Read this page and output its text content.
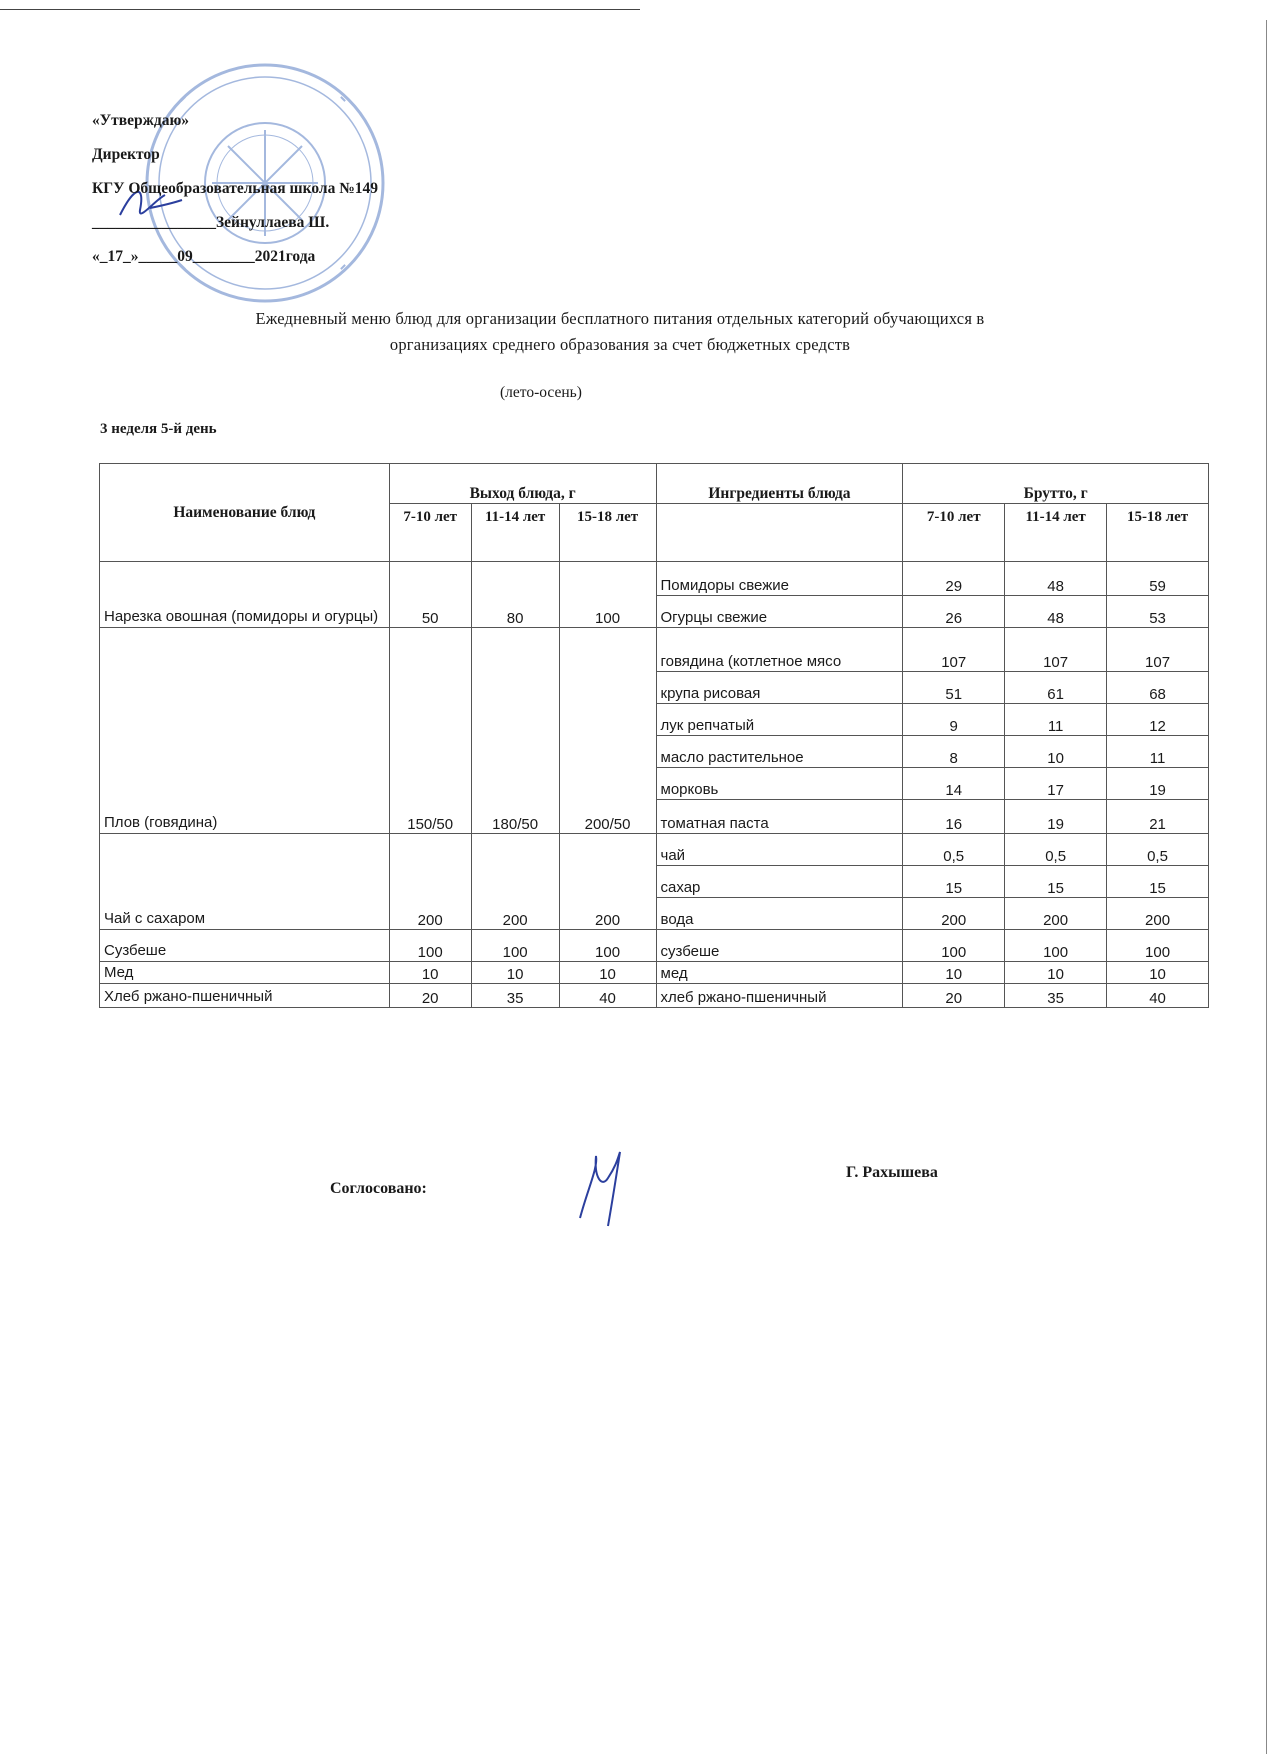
«Утверждаю»
Директор
КГУ Общеобразовательная школа №149
________________Зейнуллаева Ш.
«_17_»_____09________2021года
Ежедневный меню блюд для организации бесплатного питания отдельных категорий обучающихся в
организациях среднего образования за счет бюджетных средств
(лето-осень)
3 неделя 5-й день
Наименование блюд	Выход блюда, г			Ингредиенты блюда	Брутто, г		
	7-10 лет	11-14 лет	15-18 лет		7-10 лет	11-14 лет	15-18 лет
Нарезка овошная (помидоры и огурцы)	50	80	100	Помидоры свежие	29	48	59
				Огурцы свежие	26	48	53
Плов (говядина)	150/50	180/50	200/50	говядина (котлетное мясо	107	107	107
				крупа рисовая	51	61	68
				лук репчатый	9	11	12
				масло растительное	8	10	11
				морковь	14	17	19
				томатная паста	16	19	21
Чай с сахаром	200	200	200	чай	0,5	0,5	0,5
				сахар	15	15	15
				вода	200	200	200
Сузбеше	100	100	100	сузбеше	100	100	100
Мед	10	10	10	мед	10	10	10
Хлеб ржано-пшеничный	20	35	40	хлеб ржано-пшеничный	20	35	40
Соглосовано:
Г. Рахышева
